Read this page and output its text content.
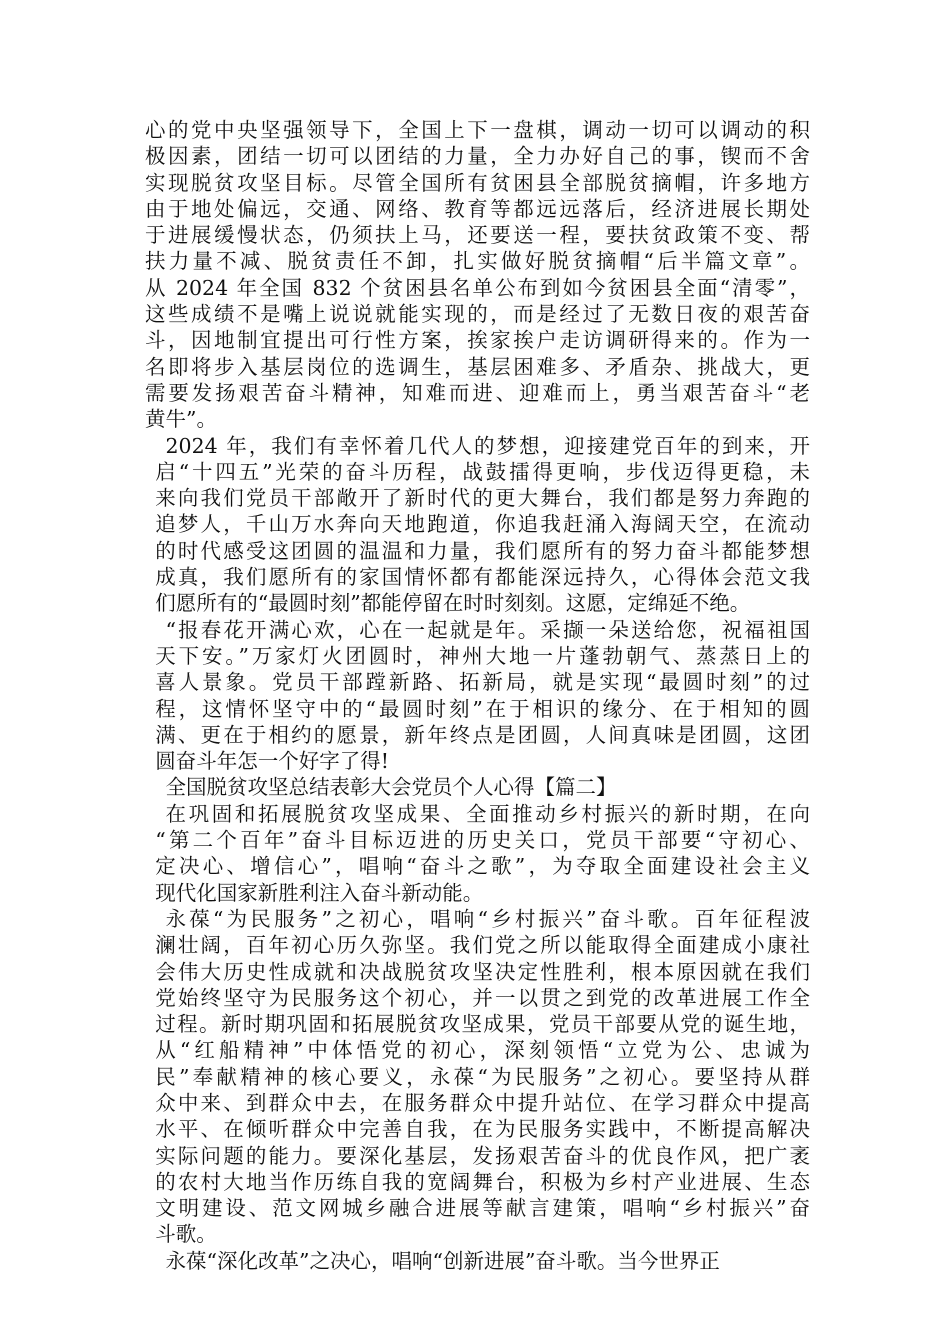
心的党中央坚强领导下，全国上下一盘棋，调动一切可以调动的积
极因素，团结一切可以团结的力量，全力办好自己的事，锲而不舍
实现脱贫攻坚目标。尽管全国所有贫困县全部脱贫摘帽，许多地方
由于地处偏远，交通、网络、教育等都远远落后，经济进展长期处
于进展缓慢状态，仍须扶上马，还要送一程，要扶贫政策不变、帮
扶力量不减、脱贫责任不卸，扎实做好脱贫摘帽“后半篇文章”。
从 2024 年全国 832 个贫困县名单公布到如今贫困县全面“清零”，
这些成绩不是嘴上说说就能实现的，而是经过了无数日夜的艰苦奋
斗，因地制宜提出可行性方案，挨家挨户走访调研得来的。作为一
名即将步入基层岗位的选调生，基层困难多、矛盾杂、挑战大，更
需要发扬艰苦奋斗精神，知难而进、迎难而上，勇当艰苦奋斗“老
黄牛”。
2024 年，我们有幸怀着几代人的梦想，迎接建党百年的到来，开
启“十四五”光荣的奋斗历程，战鼓擂得更响，步伐迈得更稳，未
来向我们党员干部敞开了新时代的更大舞台，我们都是努力奔跑的
追梦人，千山万水奔向天地跑道，你追我赶涌入海阔天空，在流动
的时代感受这团圆的温温和力量，我们愿所有的努力奋斗都能梦想
成真，我们愿所有的家国情怀都有都能深远持久，心得体会范文我
们愿所有的“最圆时刻”都能停留在时时刻刻。这愿，定绵延不绝。
“报春花开满心欢，心在一起就是年。采撷一朵送给您，祝福祖国
天下安。”万家灯火团圆时，神州大地一片蓬勃朝气、蒸蒸日上的
喜人景象。党员干部蹚新路、拓新局，就是实现“最圆时刻”的过
程，这情怀坚守中的“最圆时刻”在于相识的缘分、在于相知的圆
满、更在于相约的愿景，新年终点是团圆，人间真味是团圆，这团
圆奋斗年怎一个好字了得!
全国脱贫攻坚总结表彰大会党员个人心得【篇二】
在巩固和拓展脱贫攻坚成果、全面推动乡村振兴的新时期，在向
“第二个百年”奋斗目标迈进的历史关口，党员干部要“守初心、
定决心、增信心”，唱响“奋斗之歌”，为夺取全面建设社会主义
现代化国家新胜利注入奋斗新动能。
永葆“为民服务”之初心，唱响“乡村振兴”奋斗歌。百年征程波
澜壮阔，百年初心历久弥坚。我们党之所以能取得全面建成小康社
会伟大历史性成就和决战脱贫攻坚决定性胜利，根本原因就在我们
党始终坚守为民服务这个初心，并一以贯之到党的改革进展工作全
过程。新时期巩固和拓展脱贫攻坚成果，党员干部要从党的诞生地，
从“红船精神”中体悟党的初心，深刻领悟“立党为公、忠诚为
民”奉献精神的核心要义，永葆“为民服务”之初心。要坚持从群
众中来、到群众中去，在服务群众中提升站位、在学习群众中提高
水平、在倾听群众中完善自我，在为民服务实践中，不断提高解决
实际问题的能力。要深化基层，发扬艰苦奋斗的优良作风，把广袤
的农村大地当作历练自我的宽阔舞台，积极为乡村产业进展、生态
文明建设、范文网城乡融合进展等献言建策，唱响“乡村振兴”奋
斗歌。
永葆“深化改革”之决心，唱响“创新进展”奋斗歌。当今世界正
